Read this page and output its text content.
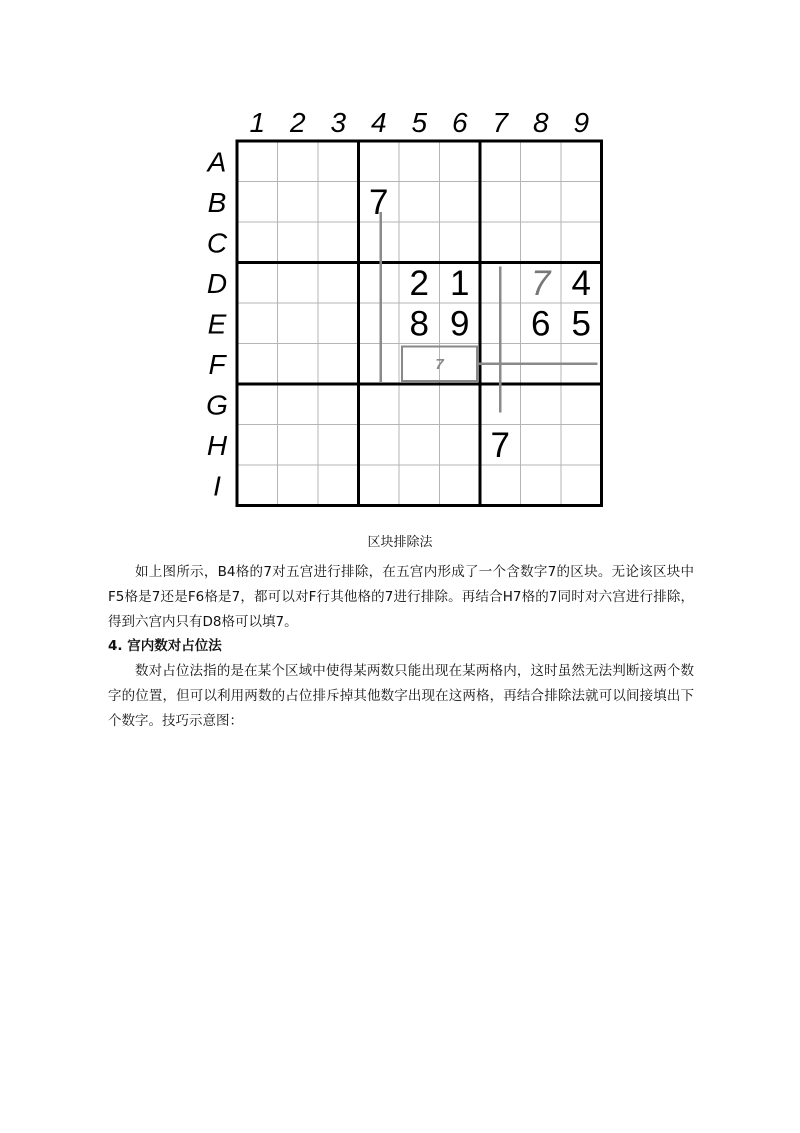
1 2 3 4 5 6 7 8 9
A
B
C
D
E
F
G
H
I
7
7
2 1 7 4
8 9 6 5
7
区块排除法

如上图所示，B4格的7对五宫进行排除，在五宫内形成了一个含数字7的区块。无论该区块中F5格是7还是F6格是7，都可以对F行其他格的7进行排除。再结合H7格的7同时对六宫进行排除，得到六宫内只有D8格可以填7。

4. 宫内数对占位法

数对占位法指的是在某个区域中使得某两数只能出现在某两格内，这时虽然无法判断这两个数字的位置，但可以利用两数的占位排斥掉其他数字出现在这两格，再结合排除法就可以间接填出下个数字。技巧示意图：
